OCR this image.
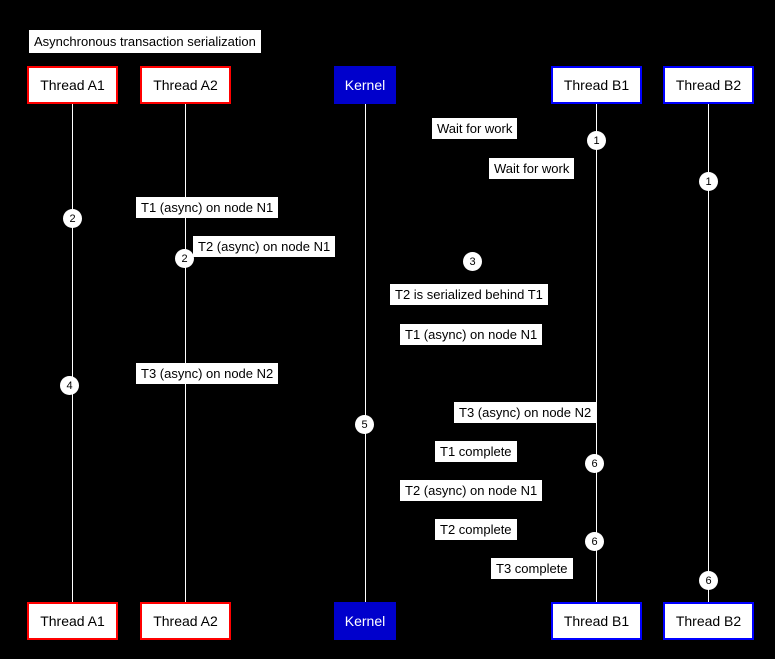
Asynchronous transaction serialization
Thread A1
Thread A1
Thread A2
Thread A2
Kernel
Kernel
Thread B1
Thread B1
Thread B2
Thread B2
Wait for work
Wait for work
T1 (async) on node N1
T2 (async) on node N1
T2 is serialized behind T1
T1 (async) on node N1
T3 (async) on node N2
T3 (async) on node N2
T1 complete
T2 (async) on node N1
T2 complete
T3 complete
1
1
2
2	3
4
5
6
6
6
